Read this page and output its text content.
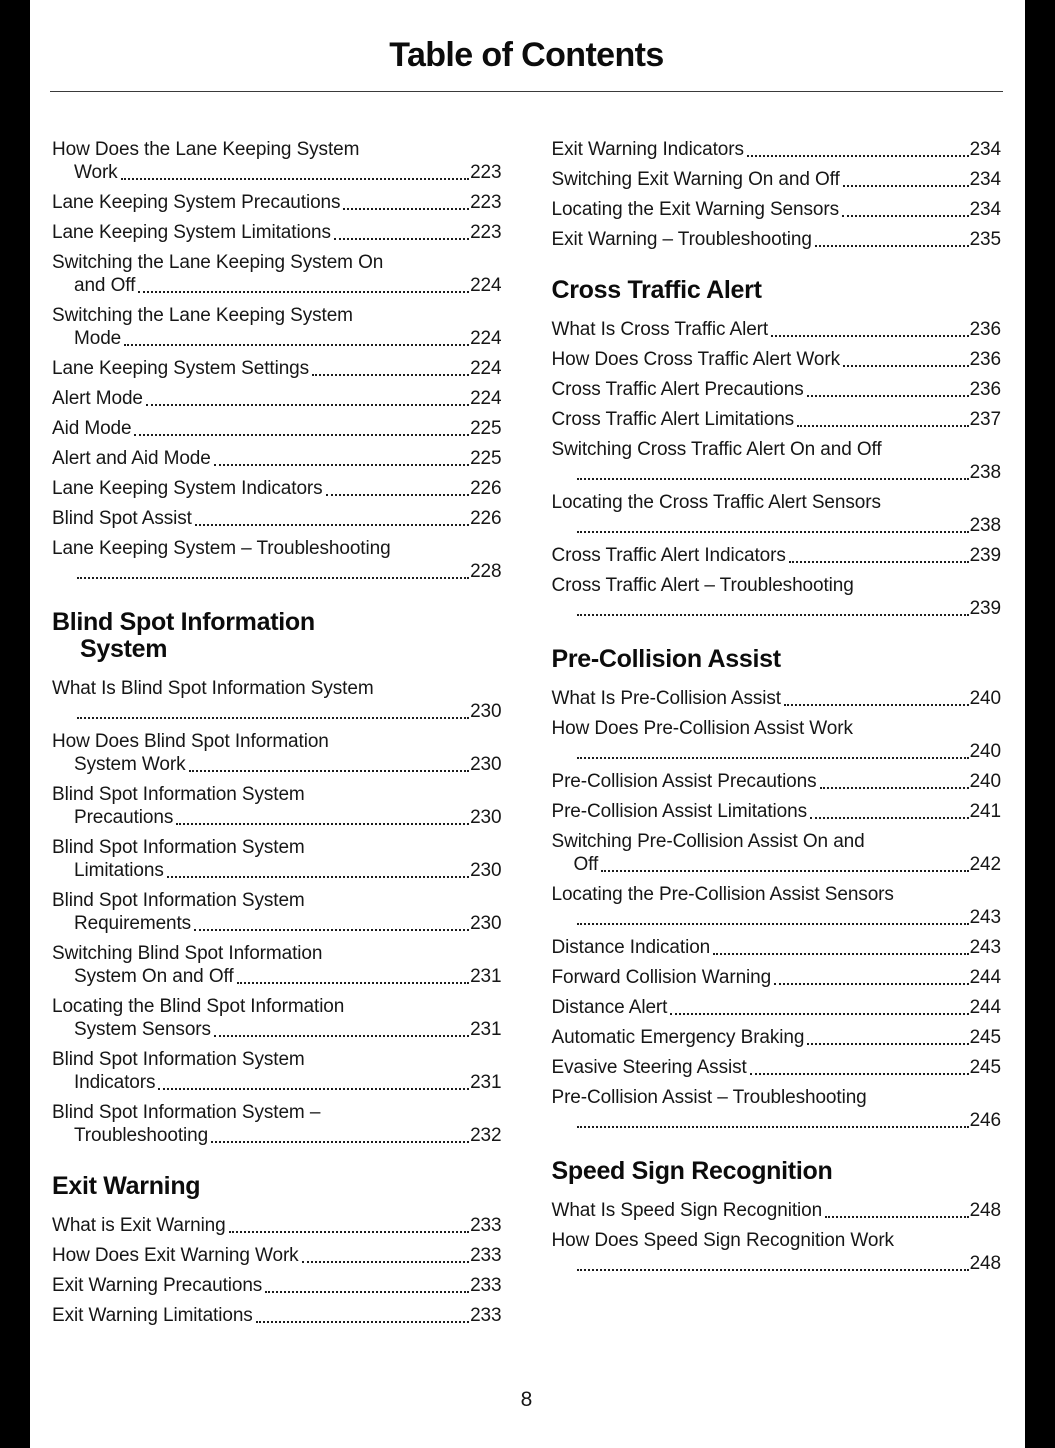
Table of Contents
How Does the Lane Keeping System
Work	223
Lane Keeping System Precautions	223
Lane Keeping System Limitations	223
Switching the Lane Keeping System On
and Off	224
Switching the Lane Keeping System
Mode	224
Lane Keeping System Settings	224
Alert Mode	224
Aid Mode	225
Alert and Aid Mode	225
Lane Keeping System Indicators	226
Blind Spot Assist	226
Lane Keeping System – Troubleshooting
228
Blind Spot Information
System
What Is Blind Spot Information System
230
How Does Blind Spot Information
System Work	230
Blind Spot Information System
Precautions	230
Blind Spot Information System
Limitations	230
Blind Spot Information System
Requirements	230
Switching Blind Spot Information
System On and Off	231
Locating the Blind Spot Information
System Sensors	231
Blind Spot Information System
Indicators	231
Blind Spot Information System –
Troubleshooting	232
Exit Warning
What is Exit Warning	233
How Does Exit Warning Work	233
Exit Warning Precautions	233
Exit Warning Limitations	233
Exit Warning Indicators	234
Switching Exit Warning On and Off	234
Locating the Exit Warning Sensors	234
Exit Warning – Troubleshooting	235
Cross Traffic Alert
What Is Cross Traffic Alert	236
How Does Cross Traffic Alert Work	236
Cross Traffic Alert Precautions	236
Cross Traffic Alert Limitations	237
Switching Cross Traffic Alert On and Off
238
Locating the Cross Traffic Alert Sensors
238
Cross Traffic Alert Indicators	239
Cross Traffic Alert – Troubleshooting
239
Pre-Collision Assist
What Is Pre-Collision Assist	240
How Does Pre-Collision Assist Work
240
Pre-Collision Assist Precautions	240
Pre-Collision Assist Limitations	241
Switching Pre-Collision Assist On and
Off	242
Locating the Pre-Collision Assist Sensors
243
Distance Indication	243
Forward Collision Warning	244
Distance Alert	244
Automatic Emergency Braking	245
Evasive Steering Assist	245
Pre-Collision Assist – Troubleshooting
246
Speed Sign Recognition
What Is Speed Sign Recognition	248
How Does Speed Sign Recognition Work
248
8
